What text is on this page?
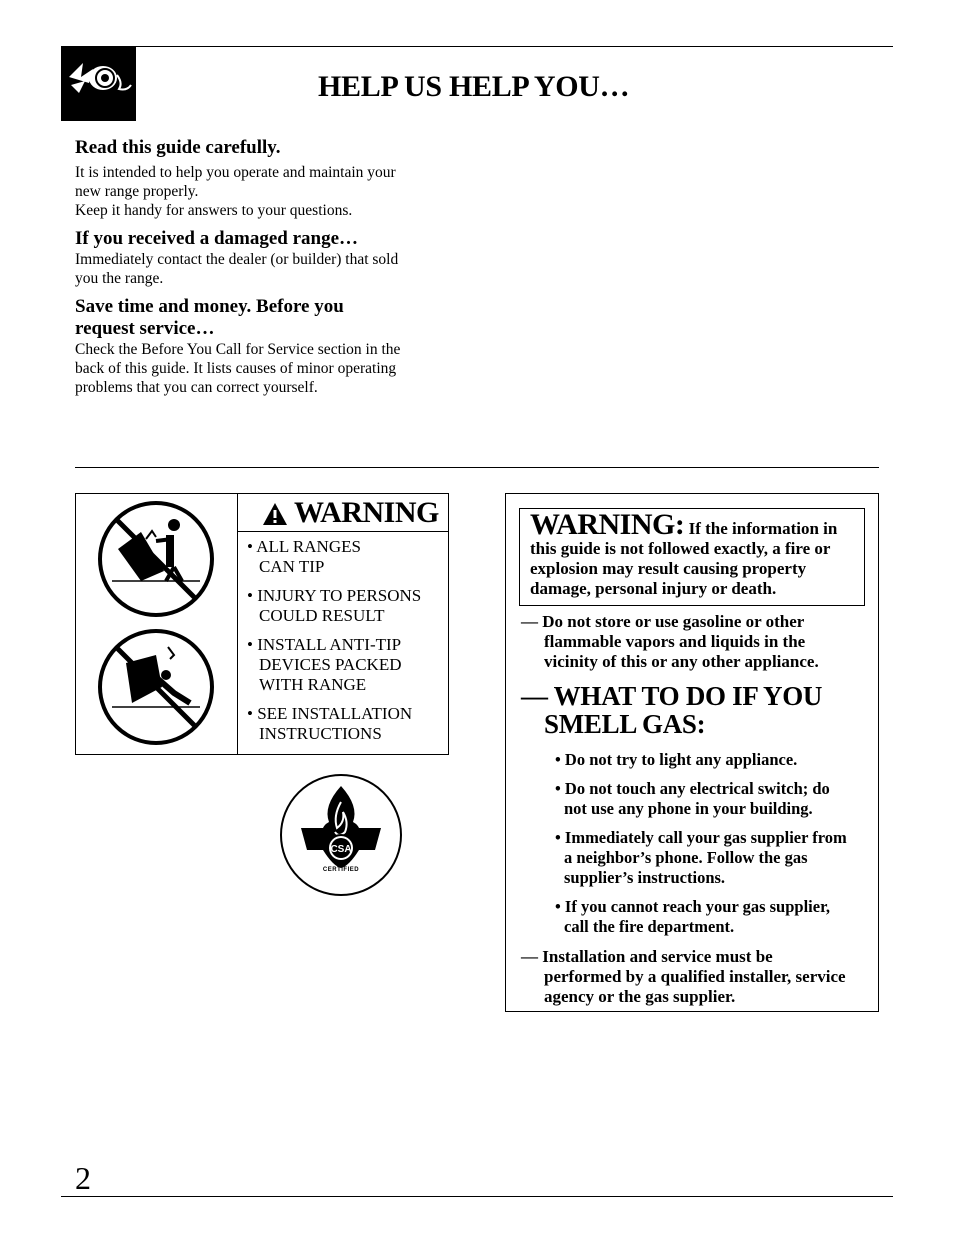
HELP US HELP YOU…
Read this guide carefully.

It is intended to help you operate and maintain your

new range properly.

Keep it handy for answers to your questions.

If you received a damaged range…

Immediately contact the dealer (or builder) that sold

you the range.

Save time and money. Before you
request service…

Check the Before You Call for Service section in the

back of this guide. It lists causes of minor operating

problems that you can correct yourself.

WARNING
• ALL RANGES
CAN TIP
• INJURY TO PERSONS
COULD RESULT
• INSTALL ANTI-TIP
DEVICES PACKED
WITH RANGE
• SEE INSTALLATION
INSTRUCTIONS
CSA
CERTIFIED
WARNING: If the information in
this guide is not followed exactly, a fire or
explosion may result causing property
damage, personal injury or death.
— Do not store or use gasoline or other
flammable vapors and liquids in the
vicinity of this or any other appliance.
— WHAT TO DO IF YOU
SMELL GAS:
• Do not try to light any appliance.
• Do not touch any electrical switch; do
not use any phone in your building.
• Immediately call your gas supplier from
a neighbor’s phone. Follow the gas
supplier’s instructions.
• If you cannot reach your gas supplier,
call the fire department.
— Installation and service must be
performed by a qualified installer, service
agency or the gas supplier.
2
